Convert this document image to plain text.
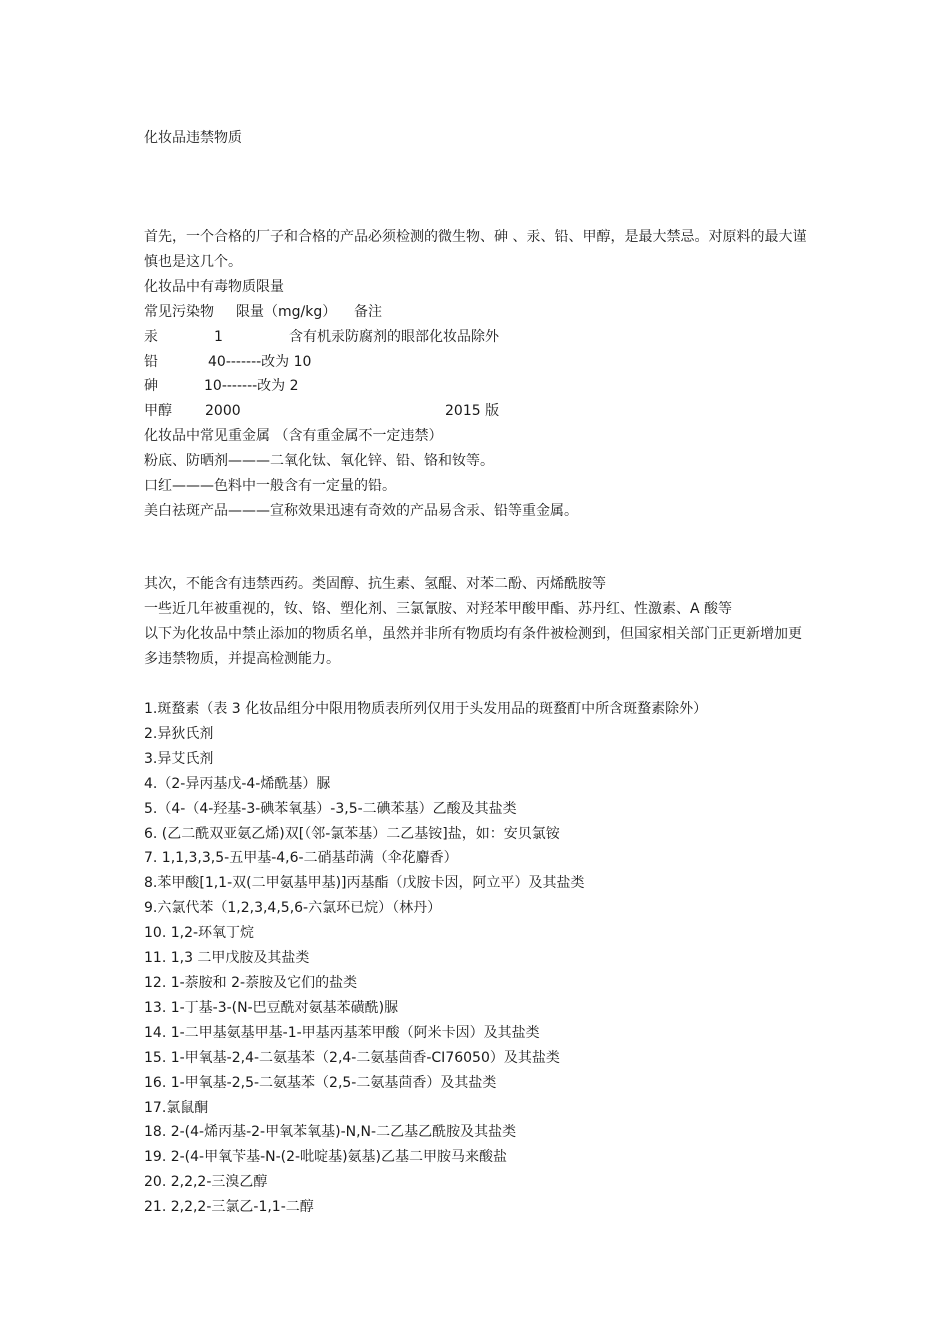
化妆品违禁物质
首先，一个合格的厂子和合格的产品必须检测的微生物、砷 、汞、铅、甲醇，是最大禁忌。对原料的最大谨慎也是这几个。
化妆品中有毒物质限量
常见污染物 限量（mg/kg） 备注
汞	1	含有机汞防腐剂的眼部化妆品除外
铅	40-------改为 10
砷	10-------改为 2
甲醇 2000	2015 版
化妆品中常见重金属 （含有重金属不一定违禁）
粉底、防晒剂———二氧化钛、氧化锌、铅、铬和钕等。
口红———色料中一般含有一定量的铅。
美白祛斑产品———宣称效果迅速有奇效的产品易含汞、铅等重金属。
其次，不能含有违禁西药。类固醇、抗生素、氢醌、对苯二酚、丙烯酰胺等
一些近几年被重视的，钕、铬、塑化剂、三氯氰胺、对羟苯甲酸甲酯、苏丹红、性激素、A 酸等
以下为化妆品中禁止添加的物质名单，虽然并非所有物质均有条件被检测到，但国家相关部门正更新增加更多违禁物质，并提高检测能力。
1.斑蝥素（表 3 化妆品组分中限用物质表所列仅用于头发用品的斑蝥酊中所含斑蝥素除外）
2.异狄氏剂
3.异艾氏剂
4.（2-异丙基戊-4-烯酰基）脲
5.（4-（4-羟基-3-碘苯氧基）-3,5-二碘苯基）乙酸及其盐类
6. (乙二酰双亚氨乙烯)双[（邻-氯苯基）二乙基铵]盐，如：安贝氯铵
7. 1,1,3,3,5-五甲基-4,6-二硝基茚满（伞花麝香）
8.苯甲酸[1,1-双(二甲氨基甲基)]丙基酯（戊胺卡因，阿立平）及其盐类
9.六氯代苯（1,2,3,4,5,6-六氯环已烷）（林丹）
10. 1,2-环氧丁烷
11. 1,3 二甲戊胺及其盐类
12. 1-萘胺和 2-萘胺及它们的盐类
13. 1-丁基-3-(N-巴豆酰对氨基苯磺酰)脲
14. 1-二甲基氨基甲基-1-甲基丙基苯甲酸（阿米卡因）及其盐类
15. 1-甲氧基-2,4-二氨基苯（2,4-二氨基茴香-CI76050）及其盐类
16. 1-甲氧基-2,5-二氨基苯（2,5-二氨基茴香）及其盐类
17.氯鼠酮
18. 2-(4-烯丙基-2-甲氧苯氧基)-N,N-二乙基乙酰胺及其盐类
19. 2-(4-甲氧苄基-N-(2-吡啶基)氨基)乙基二甲胺马来酸盐
20. 2,2,2-三溴乙醇
21. 2,2,2-三氯乙-1,1-二醇
